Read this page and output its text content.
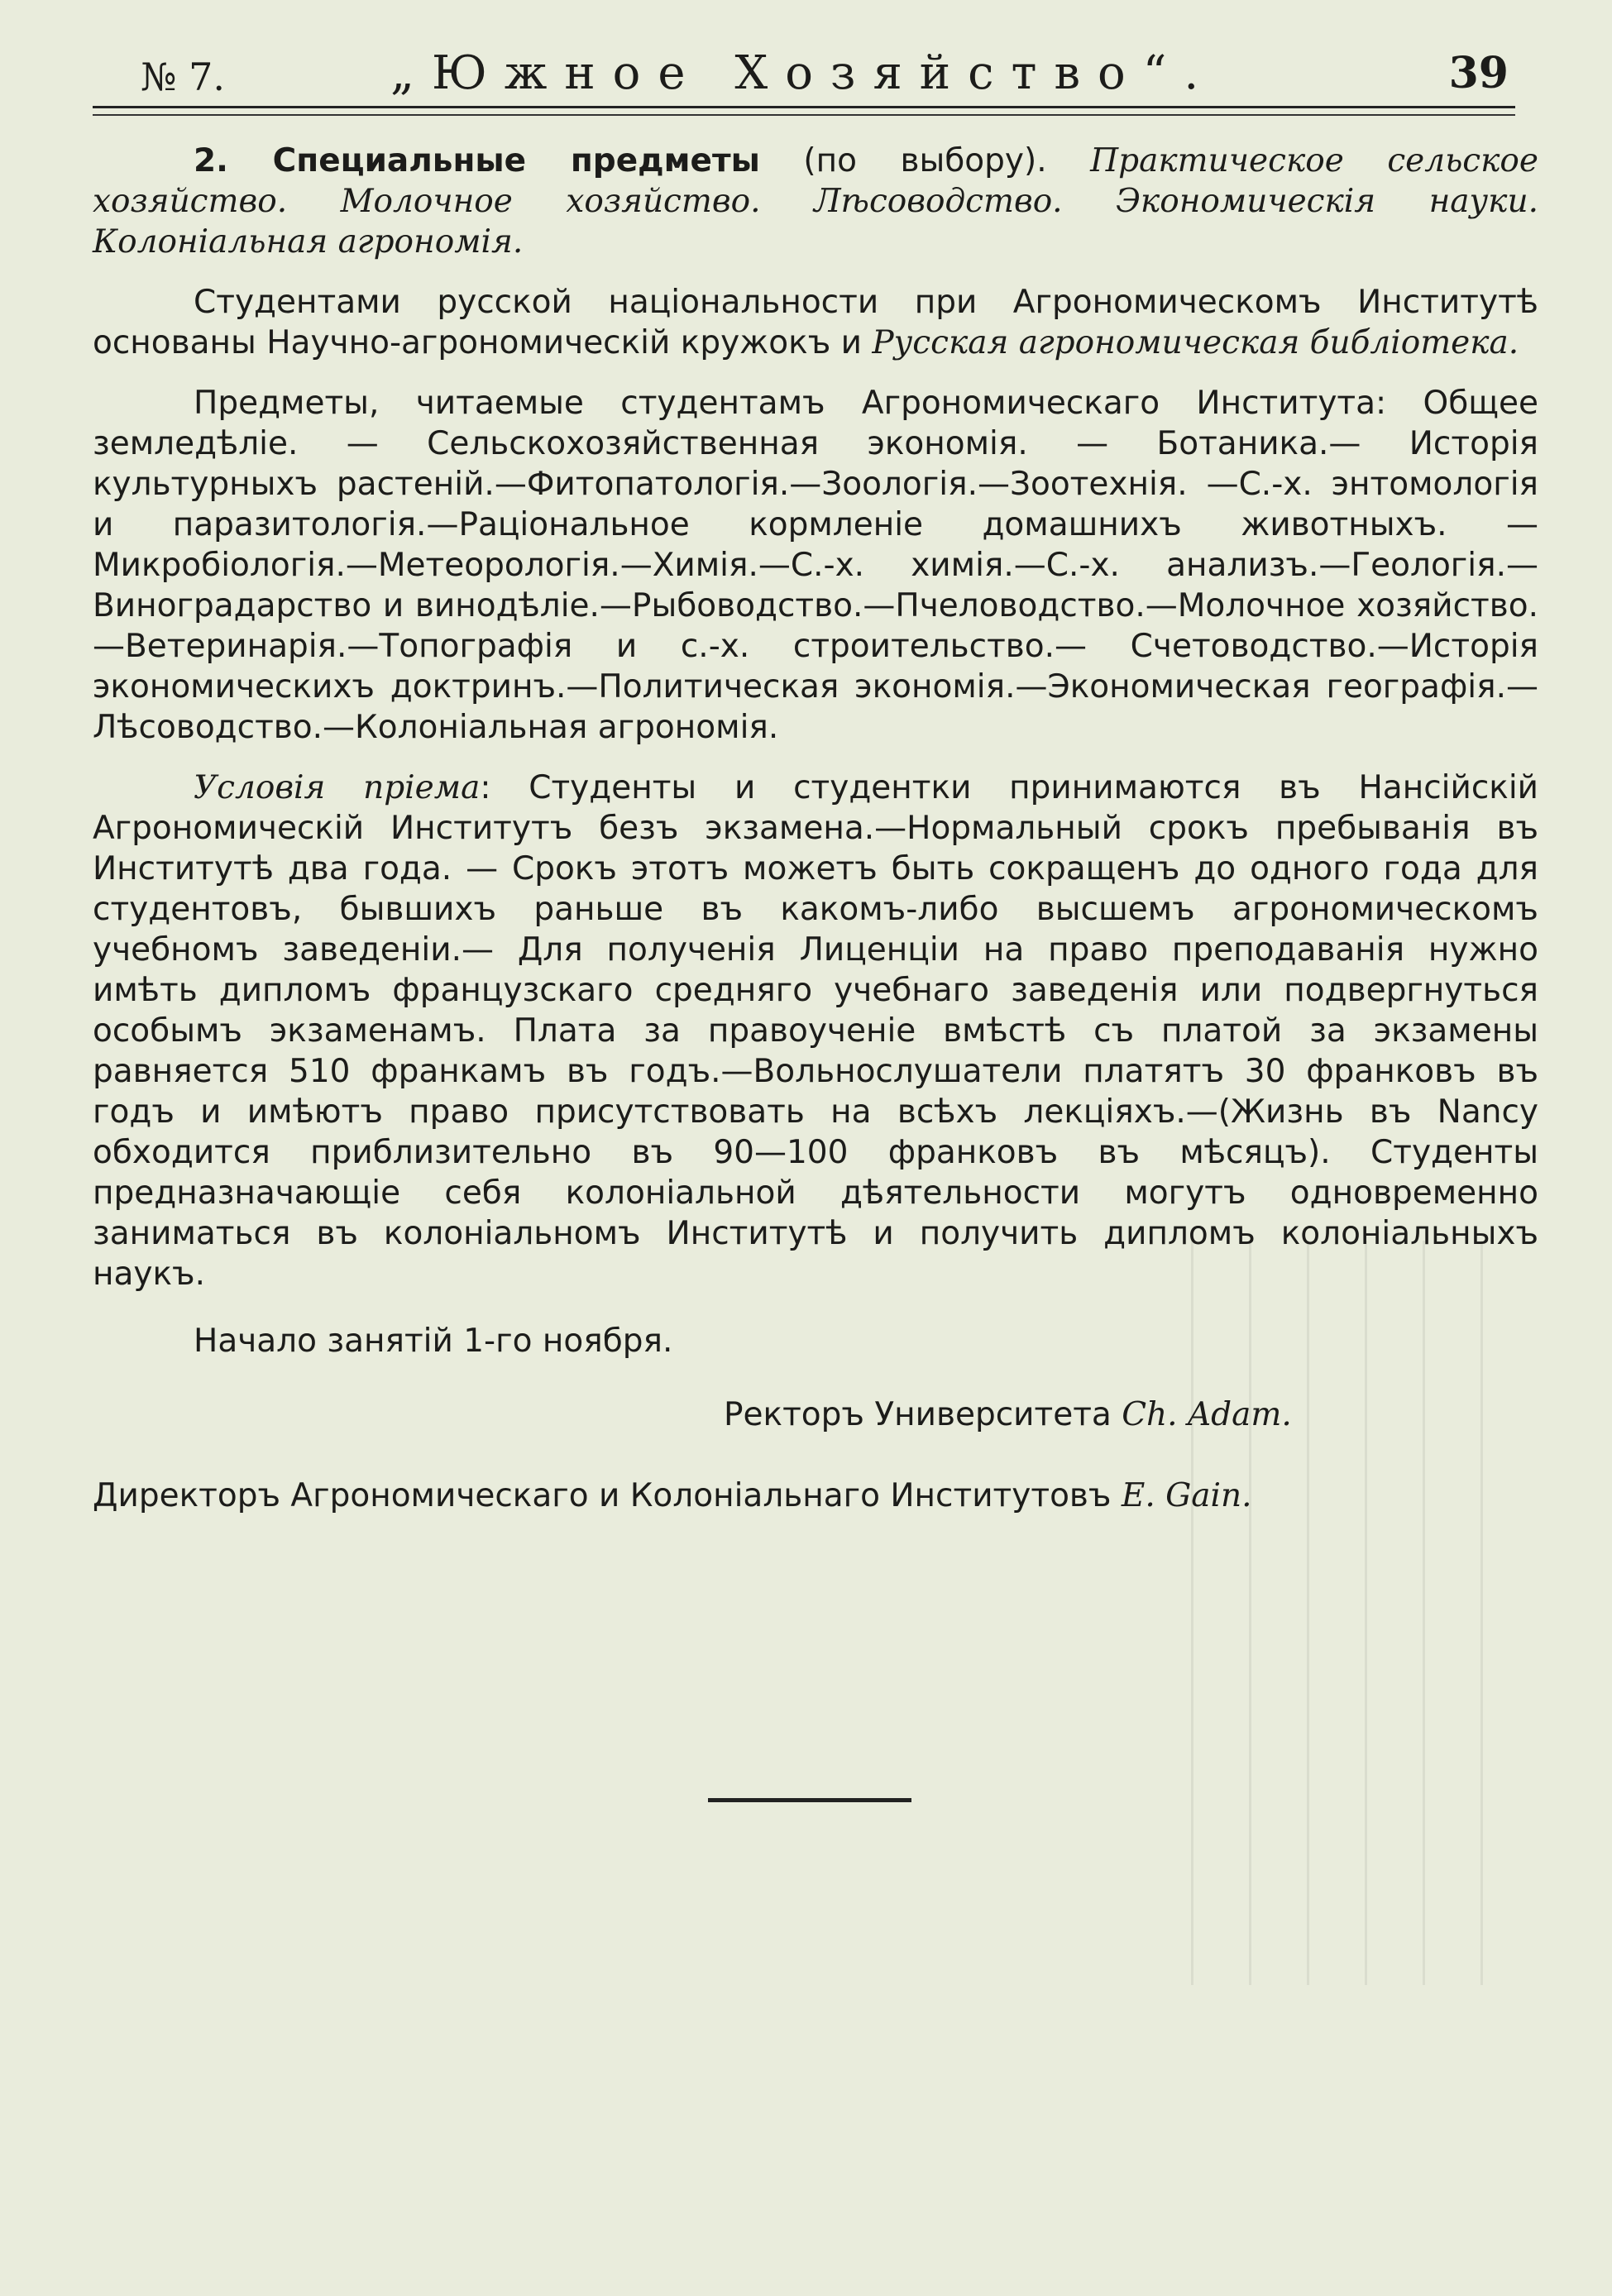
№ 7.	„Южное Хозяйство“.	39

2. Специальные предметы (по выбору). Практическое сельское хозяйство. Молочное хозяйство. Лѣсоводство. Экономическія науки. Колоніальная агрономія.

Студентами русской національности при Агрономическомъ Институтѣ основаны Научно-агрономическій кружокъ и Русская агрономическая библіотека.

Предметы, читаемые студентамъ Агрономическаго Института: Общее земледѣліе. — Сельскохозяйственная экономія. — Ботаника.— Исторія культурныхъ растеній.—Фитопатологія.—Зоологія.—Зоотехнія. —С.-х. энтомологія и паразитологія.—Раціональное кормленіе домашнихъ животныхъ. —Микробіологія.—Метеорологія.—Химія.—С.-х. химія.—С.-х. анализъ.—Геологія.—Виноградарство и винодѣліе.—Рыбоводство.—Пчеловодство.—Молочное хозяйство.—Ветеринарія.—Топографія и с.-х. строительство.— Счетоводство.—Исторія экономическихъ доктринъ.—Политическая экономія.—Экономическая географія.—Лѣсоводство.—Колоніальная агрономія.

Условія пріема: Студенты и студентки принимаются въ Нансійскій Агрономическій Институтъ безъ экзамена.—Нормальный срокъ пребыванія въ Институтѣ два года. — Срокъ этотъ можетъ быть сокращенъ до одного года для студентовъ, бывшихъ раньше въ какомъ-либо высшемъ агрономическомъ учебномъ заведеніи.— Для полученія Лиценціи на право преподаванія нужно имѣть дипломъ французскаго средняго учебнаго заведенія или подвергнуться особымъ экзаменамъ. Плата за правоученіе вмѣстѣ съ платой за экзамены равняется 510 франкамъ въ годъ.—Вольнослушатели платятъ 30 франковъ въ годъ и имѣютъ право присутствовать на всѣхъ лекціяхъ.—(Жизнь въ Nancy обходится приблизительно въ 90—100 франковъ въ мѣсяцъ). Студенты предназначающіе себя колоніальной дѣятельности могутъ одновременно заниматься въ колоніальномъ Институтѣ и получить дипломъ колоніальныхъ наукъ.

Начало занятій 1-го ноября.

Ректоръ Университета Ch. Adam.
Директоръ Агрономическаго и Колоніальнаго Институтовъ E. Gain.
